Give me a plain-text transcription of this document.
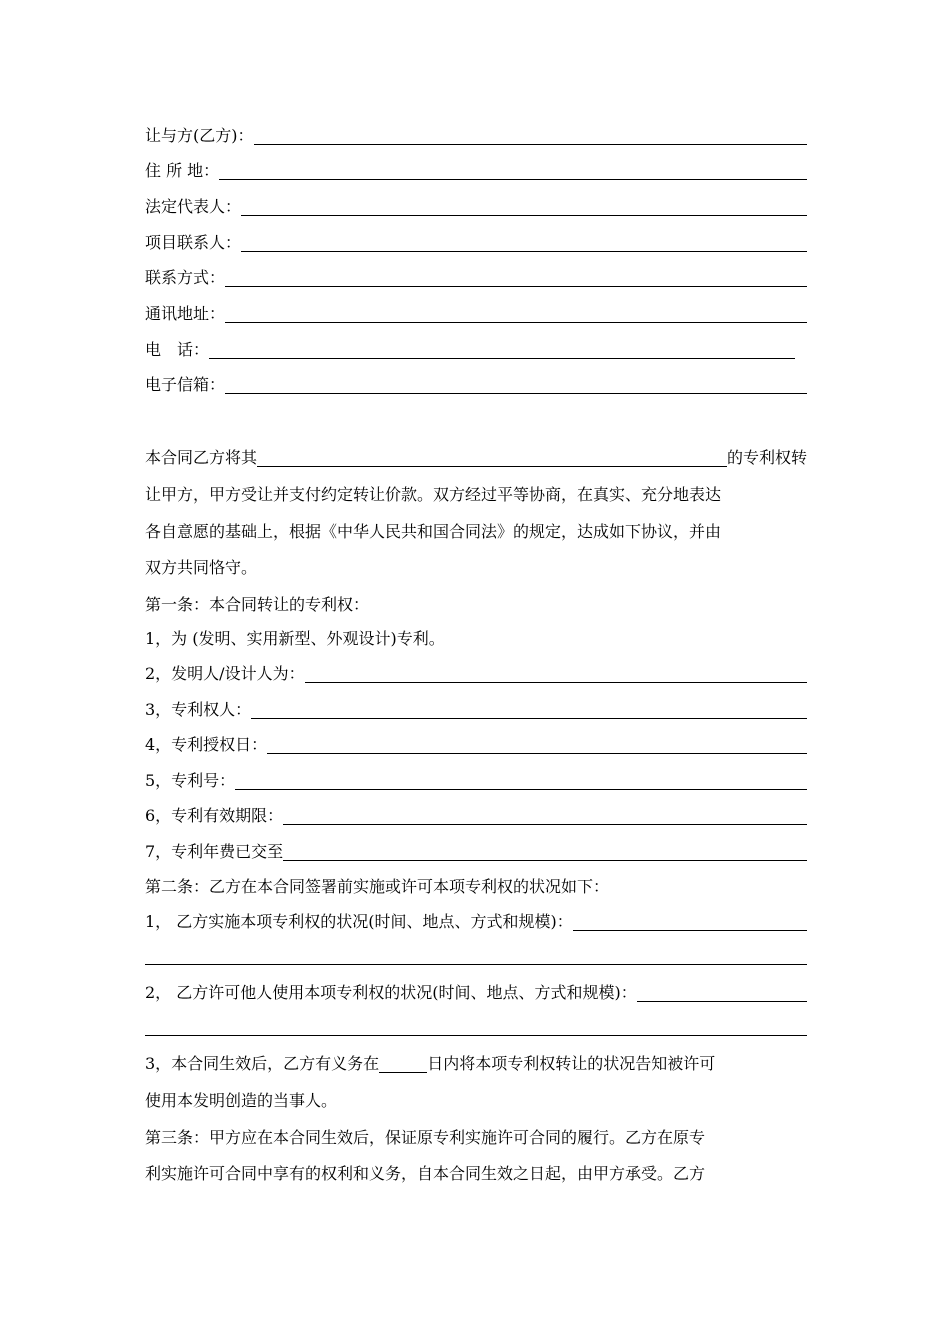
让与方(乙方)：
住 所 地：
法定代表人：
项目联系人：
联系方式：
通讯地址：
电　话：
电子信箱：
本合同乙方将其	的专利权转
让甲方，甲方受让并支付约定转让价款。双方经过平等协商，在真实、充分地表达
各自意愿的基础上，根据《中华人民共和国合同法》的规定，达成如下协议，并由
双方共同恪守。
第一条：本合同转让的专利权：
1，为 (发明、实用新型、外观设计)专利。
2，发明人/设计人为：
3，专利权人：
4，专利授权日：
5，专利号：
6，专利有效期限：
7，专利年费已交至
第二条：乙方在本合同签署前实施或许可本项专利权的状况如下：
1， 乙方实施本项专利权的状况(时间、地点、方式和规模)：
2， 乙方许可他人使用本项专利权的状况(时间、地点、方式和规模)：
3，本合同生效后，乙方有义务在	日内将本项专利权转让的状况告知被许可
使用本发明创造的当事人。
第三条：甲方应在本合同生效后，保证原专利实施许可合同的履行。乙方在原专
利实施许可合同中享有的权利和义务，自本合同生效之日起，由甲方承受。乙方
